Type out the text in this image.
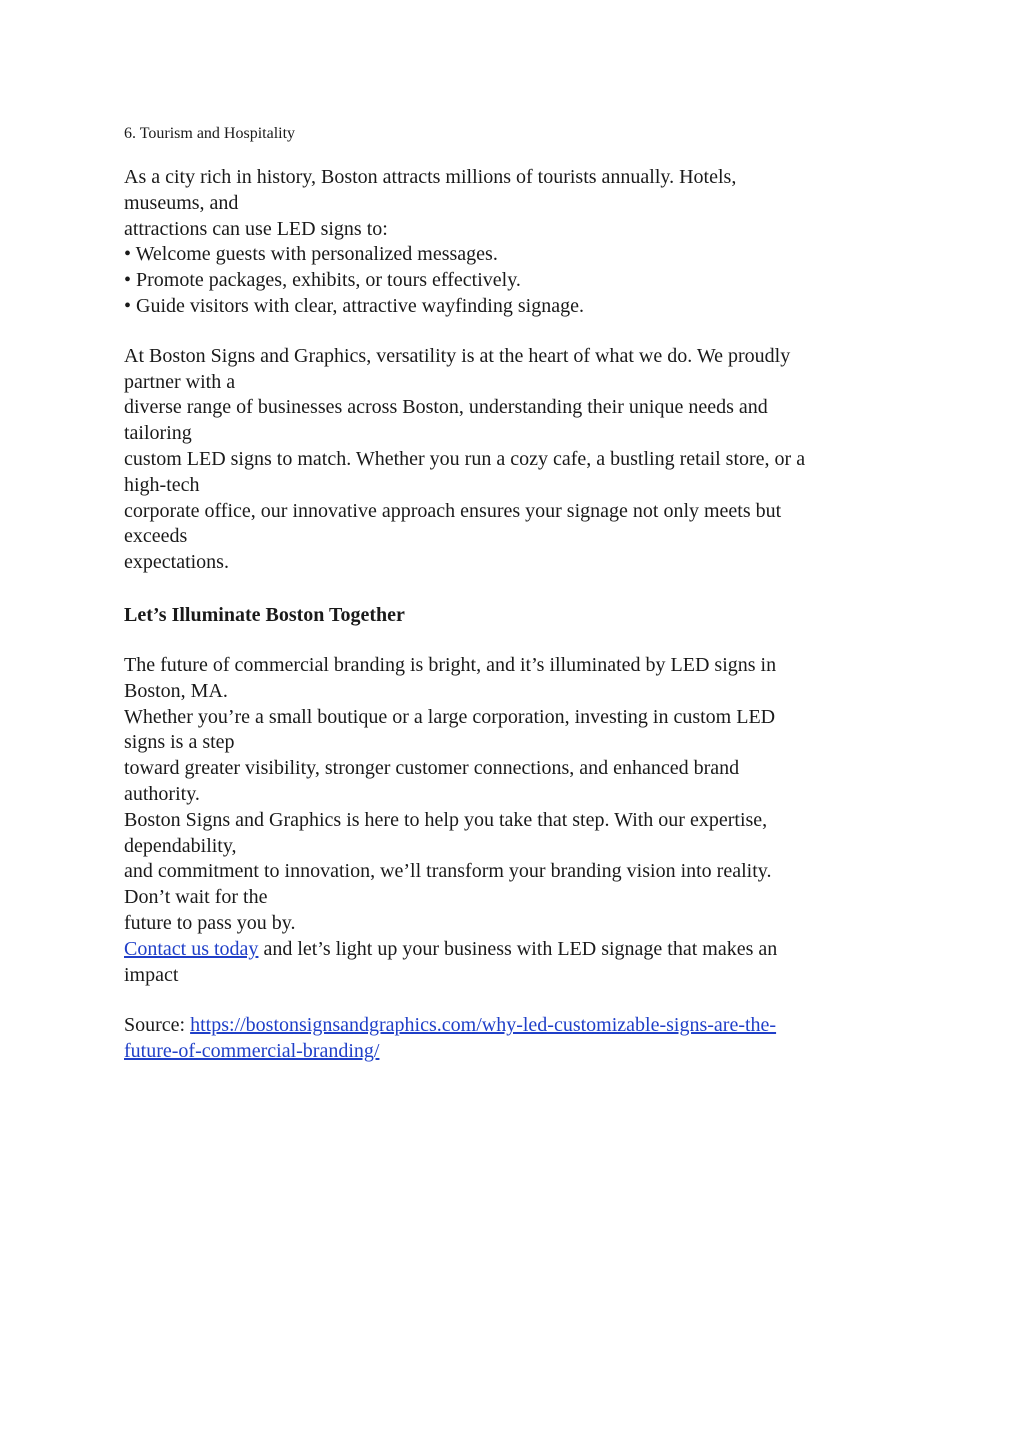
6. Tourism and Hospitality

As a city rich in history, Boston attracts millions of tourists annually. Hotels,
museums, and
attractions can use LED signs to:
• Welcome guests with personalized messages.
• Promote packages, exhibits, or tours effectively.
• Guide visitors with clear, attractive wayfinding signage.

At Boston Signs and Graphics, versatility is at the heart of what we do. We proudly
partner with a
diverse range of businesses across Boston, understanding their unique needs and
tailoring
custom LED signs to match. Whether you run a cozy cafe, a bustling retail store, or a
high-tech
corporate office, our innovative approach ensures your signage not only meets but
exceeds
expectations.

Let’s Illuminate Boston Together

The future of commercial branding is bright, and it’s illuminated by LED signs in
Boston, MA.
Whether you’re a small boutique or a large corporation, investing in custom LED
signs is a step
toward greater visibility, stronger customer connections, and enhanced brand
authority.
Boston Signs and Graphics is here to help you take that step. With our expertise,
dependability,
and commitment to innovation, we’ll transform your branding vision into reality.
Don’t wait for the
future to pass you by.
Contact us today and let’s light up your business with LED signage that makes an
impact

Source: https://bostonsignsandgraphics.com/why-led-customizable-signs-are-the-
future-of-commercial-branding/
